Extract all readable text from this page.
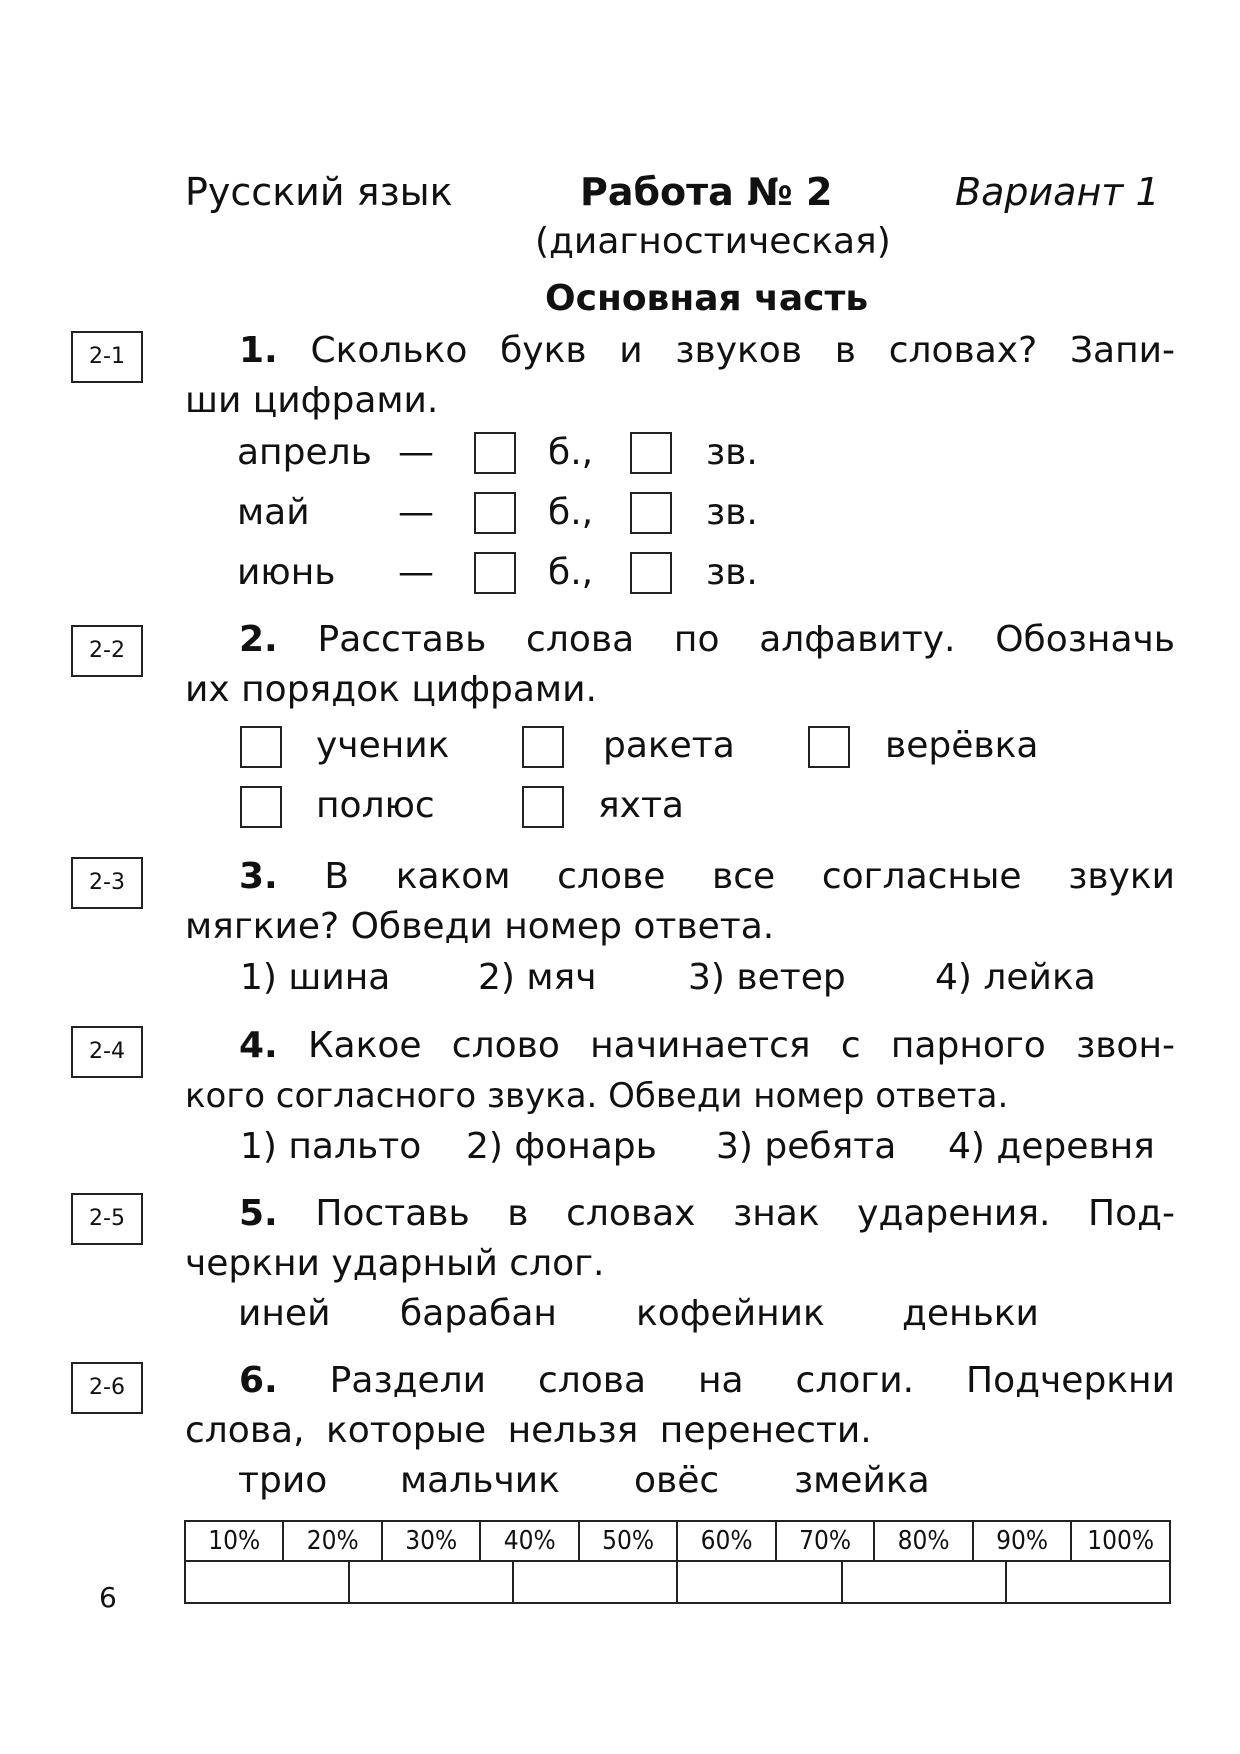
Русский язык	Работа № 2	Вариант 1
(диагностическая)
Основная часть
2-1	1. Сколько букв и звуков в словах? Запи-
ши цифрами.
апрель —	б.,	зв.
май —	б.,	зв.
июнь —	б.,	зв.
2-2	2. Расставь слова по алфавиту. Обозначь
их порядок цифрами.
ученик	ракета	верёвка
полюс	яхта
2-3	3. В каком слове все согласные звуки
мягкие? Обведи номер ответа.
1) шина 2) мяч	3) ветер 4) лейка
2-4	4. Какое слово начинается с парного звон-
кого согласного звука. Обведи номер ответа.
1) пальто 2) фонарь 3) ребята 4) деревня
2-5	5. Поставь в словах знак ударения. Под-
черкни ударный слог.
иней барабан кофейник деньки
2-6	6. Раздели слова на слоги. Подчеркни
слова, которые нельзя перенести.
трио мальчик овёс змейка
10%	20%		30%	40%		50%	60%	70%		80%	90%		100%

6
